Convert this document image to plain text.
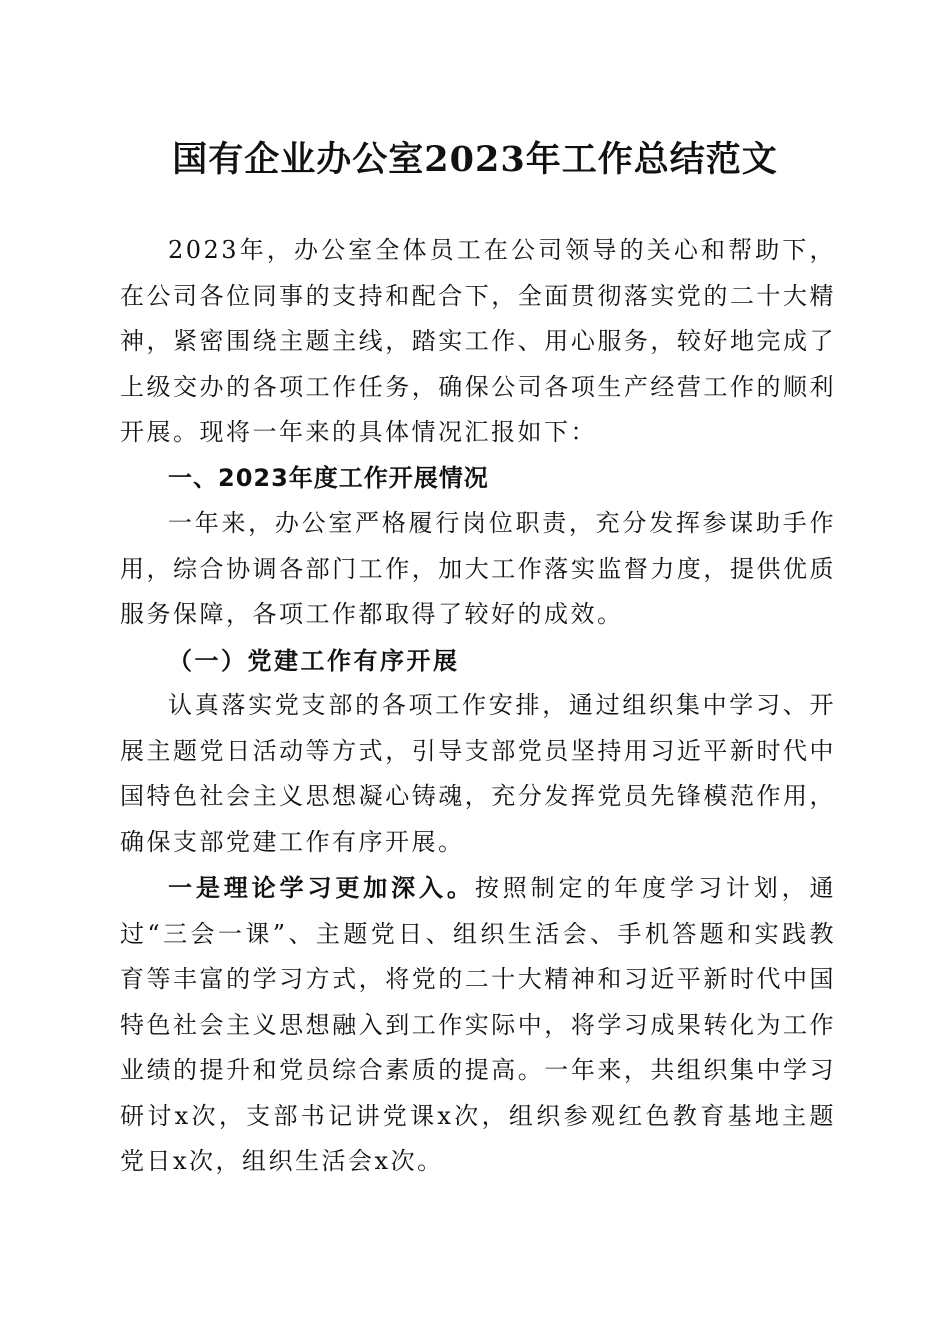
国有企业办公室2023年工作总结范文

2023年，办公室全体员工在公司领导的关心和帮助下，在公司各位同事的支持和配合下，全面贯彻落实党的二十大精神，紧密围绕主题主线，踏实工作、用心服务，较好地完成了上级交办的各项工作任务，确保公司各项生产经营工作的顺利开展。现将一年来的具体情况汇报如下：

一、2023年度工作开展情况

一年来，办公室严格履行岗位职责，充分发挥参谋助手作用，综合协调各部门工作，加大工作落实监督力度，提供优质服务保障，各项工作都取得了较好的成效。

（一）党建工作有序开展

认真落实党支部的各项工作安排，通过组织集中学习、开展主题党日活动等方式，引导支部党员坚持用习近平新时代中国特色社会主义思想凝心铸魂，充分发挥党员先锋模范作用，确保支部党建工作有序开展。

一是理论学习更加深入。按照制定的年度学习计划，通过“三会一课”、主题党日、组织生活会、手机答题和实践教育等丰富的学习方式，将党的二十大精神和习近平新时代中国特色社会主义思想融入到工作实际中，将学习成果转化为工作业绩的提升和党员综合素质的提高。一年来，共组织集中学习研讨x次，支部书记讲党课x次，组织参观红色教育基地主题党日x次，组织生活会x次。
